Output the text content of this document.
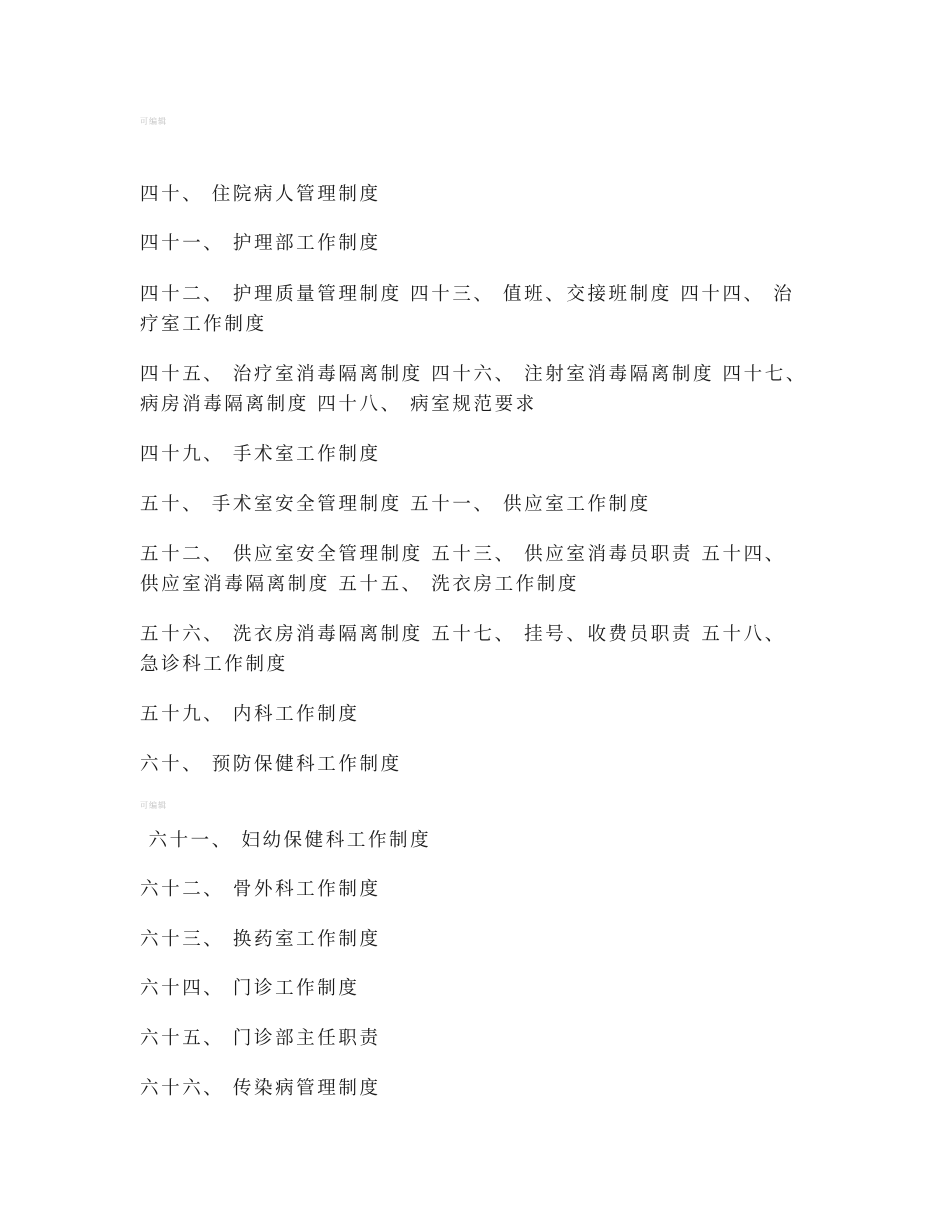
可编辑
四十、 住院病人管理制度
四十一、 护理部工作制度
四十二、 护理质量管理制度 四十三、 值班、交接班制度 四十四、 治疗室工作制度
四十五、 治疗室消毒隔离制度 四十六、 注射室消毒隔离制度 四十七、 病房消毒隔离制度 四十八、 病室规范要求
四十九、 手术室工作制度
五十、 手术室安全管理制度 五十一、 供应室工作制度
五十二、 供应室安全管理制度 五十三、 供应室消毒员职责 五十四、 供应室消毒隔离制度 五十五、 洗衣房工作制度
五十六、 洗衣房消毒隔离制度 五十七、 挂号、收费员职责 五十八、 急诊科工作制度
五十九、 内科工作制度
六十、 预防保健科工作制度
可编辑
六十一、 妇幼保健科工作制度
六十二、 骨外科工作制度
六十三、 换药室工作制度
六十四、 门诊工作制度
六十五、 门诊部主任职责
六十六、 传染病管理制度
